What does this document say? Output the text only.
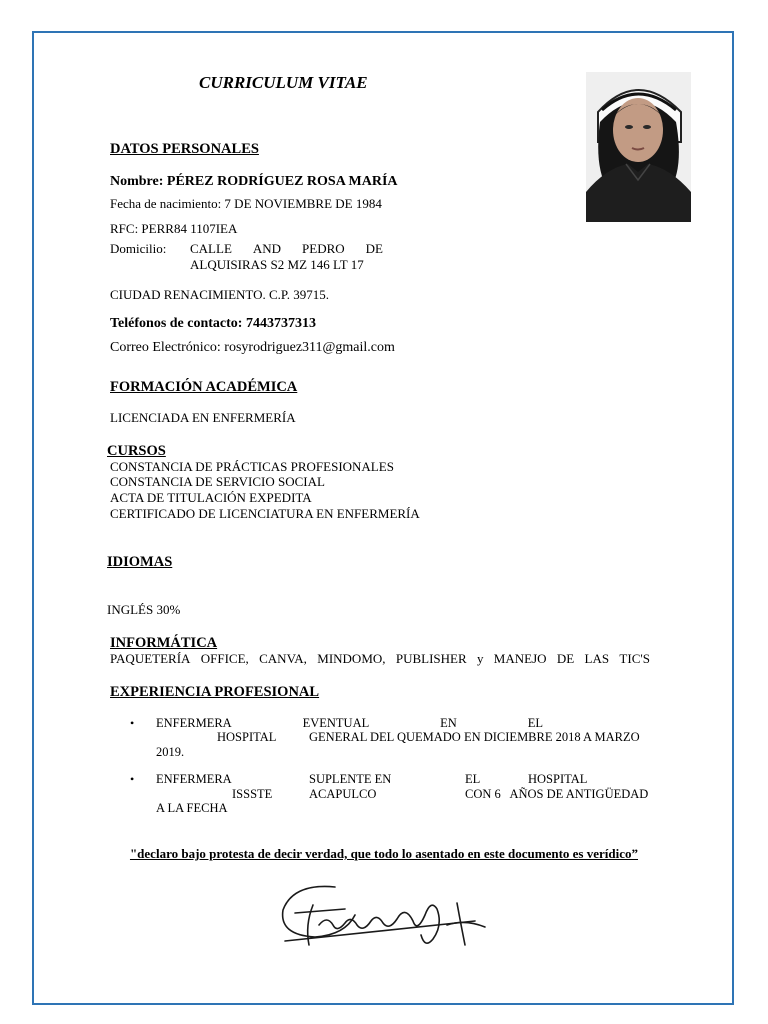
CURRICULUM VITAE
DATOS PERSONALES
Nombre: PÉREZ RODRÍGUEZ ROSA MARÍA
Fecha de nacimiento: 7 DE NOVIEMBRE DE 1984
RFC: PERR84 1107IEA
Domicilio: CALLE AND PEDRO DE
ALQUISIRAS S2 MZ 146 LT 17
CIUDAD RENACIMIENTO. C.P. 39715.
Teléfonos de contacto: 7443737313
Correo Electrónico: rosyrodriguez311@gmail.com
FORMACIÓN ACADÉMICA
LICENCIADA EN ENFERMERÍA
CURSOS
CONSTANCIA DE PRÁCTICAS PROFESIONALES
CONSTANCIA DE SERVICIO SOCIAL
ACTA DE TITULACIÓN EXPEDITA
CERTIFICADO DE LICENCIATURA EN ENFERMERÍA
IDIOMAS
INGLÉS 30%
INFORMÁTICA
PAQUETERÍA OFFICE, CANVA, MINDOMO, PUBLISHER y MANEJO DE LAS TIC'S
EXPERIENCIA PROFESIONAL
• ENFERMERA	EVENTUAL	EN	EL
HOSPITAL	GENERAL DEL QUEMADO EN DICIEMBRE 2018 A MARZO
2019.
• ENFERMERA	SUPLENTE EN	EL	HOSPITAL
ISSSTE	ACAPULCO	CON 6   AÑOS DE ANTIGÜEDAD
A LA FECHA
"declaro bajo protesta de decir verdad, que todo lo asentado en este documento es verídico”
